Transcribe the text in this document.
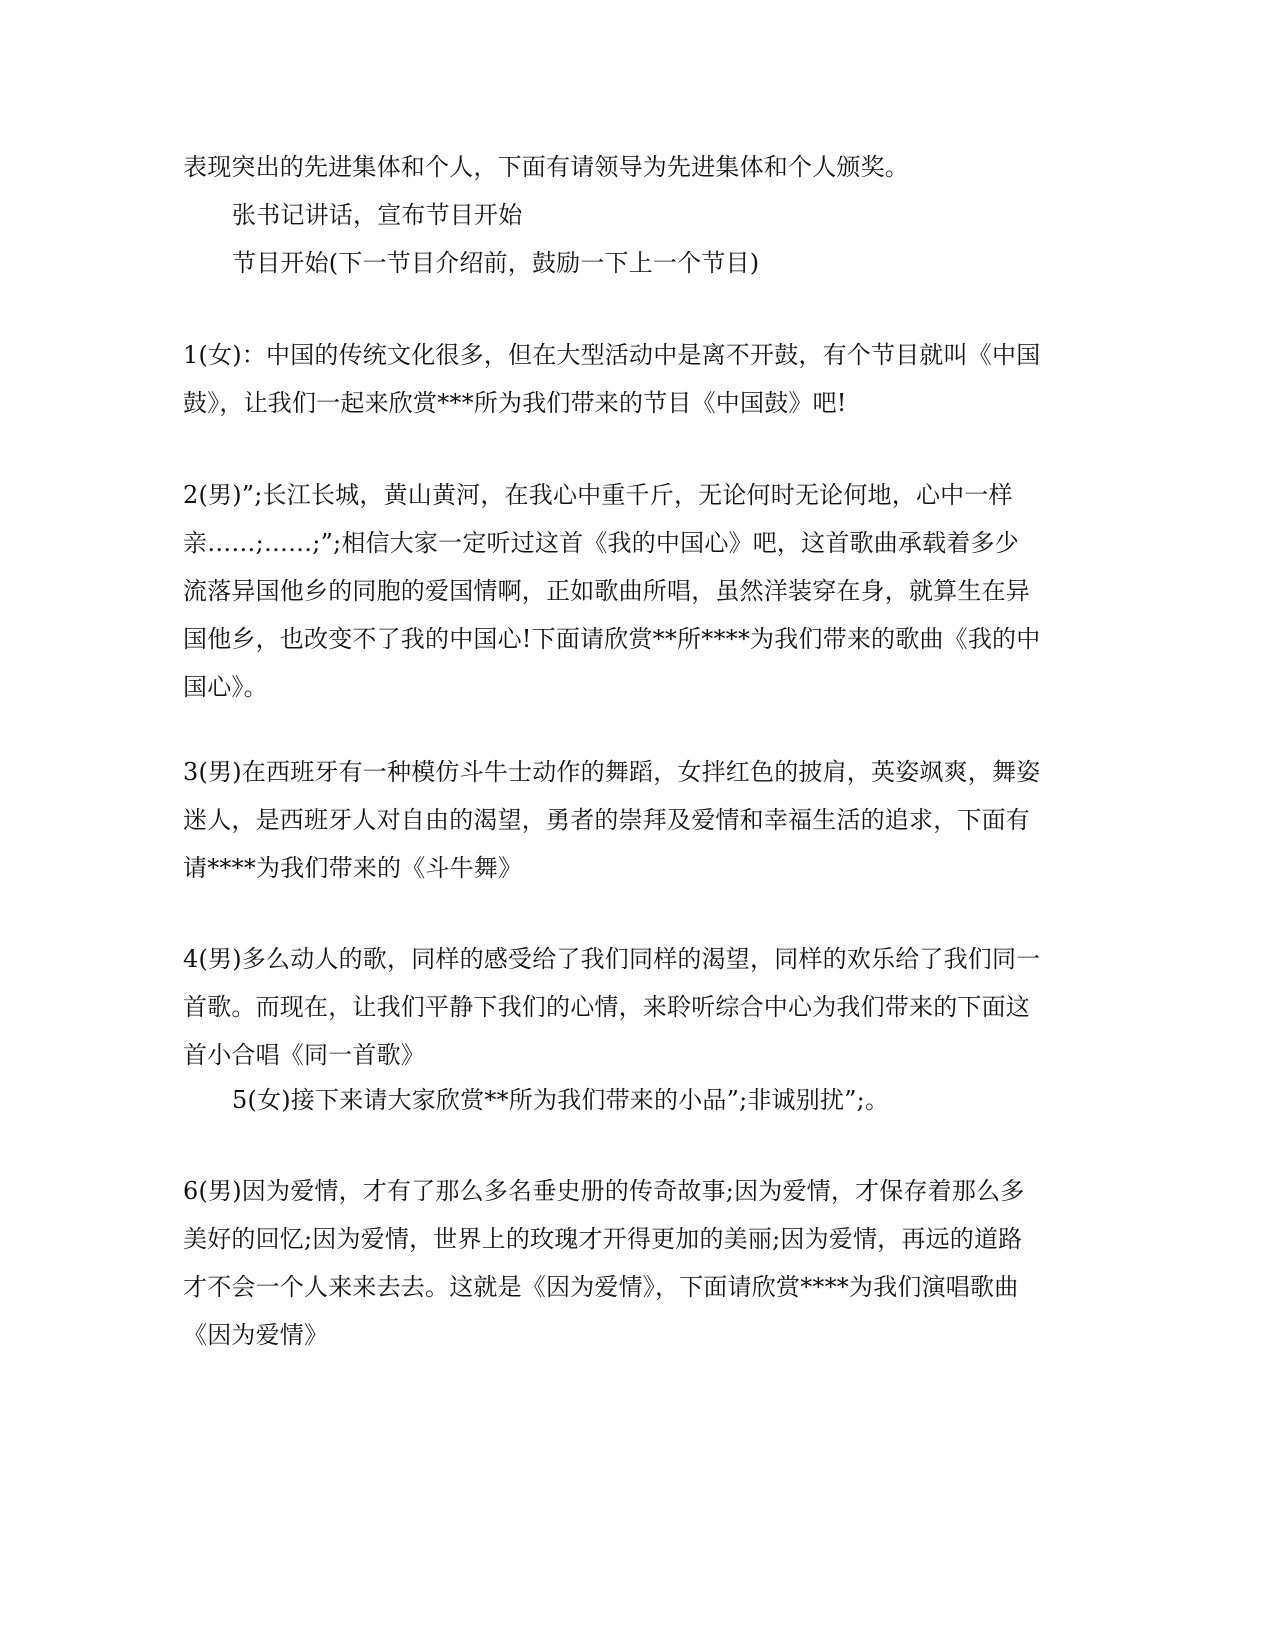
表现突出的先进集体和个人，下面有请领导为先进集体和个人颁奖。

张书记讲话，宣布节目开始

节目开始(下一节目介绍前，鼓励一下上一个节目)

1(女)：中国的传统文化很多，但在大型活动中是离不开鼓，有个节目就叫《中国鼓》，让我们一起来欣赏***所为我们带来的节目《中国鼓》吧!

2(男)”;长江长城，黄山黄河，在我心中重千斤，无论何时无论何地，心中一样亲……;……;”;相信大家一定听过这首《我的中国心》吧，这首歌曲承载着多少流落异国他乡的同胞的爱国情啊，正如歌曲所唱，虽然洋装穿在身，就算生在异国他乡，也改变不了我的中国心!下面请欣赏**所****为我们带来的歌曲《我的中国心》。

3(男)在西班牙有一种模仿斗牛士动作的舞蹈，女拌红色的披肩，英姿飒爽，舞姿迷人，是西班牙人对自由的渴望，勇者的崇拜及爱情和幸福生活的追求，下面有请****为我们带来的《斗牛舞》

4(男)多么动人的歌，同样的感受给了我们同样的渴望，同样的欢乐给了我们同一首歌。而现在，让我们平静下我们的心情，来聆听综合中心为我们带来的下面这首小合唱《同一首歌》

5(女)接下来请大家欣赏**所为我们带来的小品”;非诚别扰”;。

6(男)因为爱情，才有了那么多名垂史册的传奇故事;因为爱情，才保存着那么多美好的回忆;因为爱情，世界上的玫瑰才开得更加的美丽;因为爱情，再远的道路才不会一个人来来去去。这就是《因为爱情》，下面请欣赏****为我们演唱歌曲《因为爱情》
